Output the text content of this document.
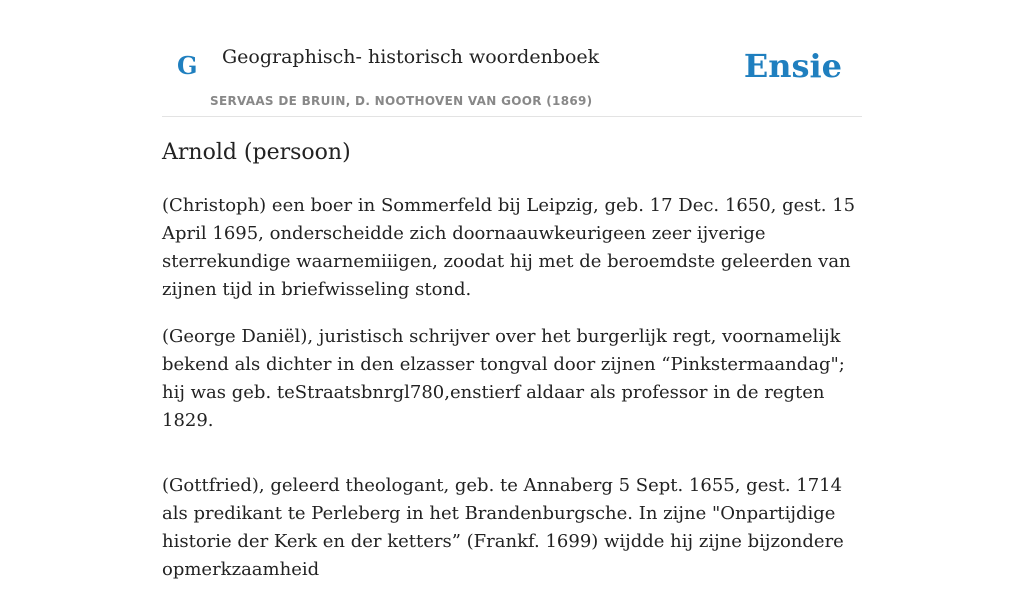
G Geographisch- historisch woordenboek
SERVAAS DE BRUIN, D. NOOTHOVEN VAN GOOR (1869)
Ensie
Arnold (persoon)

(Christoph) een boer in Sommerfeld bij Leipzig, geb. 17 Dec. 1650, gest. 15 April 1695, onderscheidde zich doornaauwkeurigeen zeer ijverige sterrekundige waarnemiiigen, zoodat hij met de beroemdste geleerden van zijnen tijd in briefwisseling stond.

(George Daniël), juristisch schrijver over het burgerlijk regt, voornamelijk bekend als dichter in den elzasser tongval door zijnen “Pinkstermaandag"; hij was geb. teStraatsbnrgl780,enstierf aldaar als professor in de regten 1829.

(Gottfried), geleerd theologant, geb. te Annaberg 5 Sept. 1655, gest. 1714 als predikant te Perleberg in het Brandenburgsche. In zijne "Onpartijdige historie der Kerk en der ketters” (Frankf. 1699) wijdde hij zijne bijzondere opmerkzaamheid
